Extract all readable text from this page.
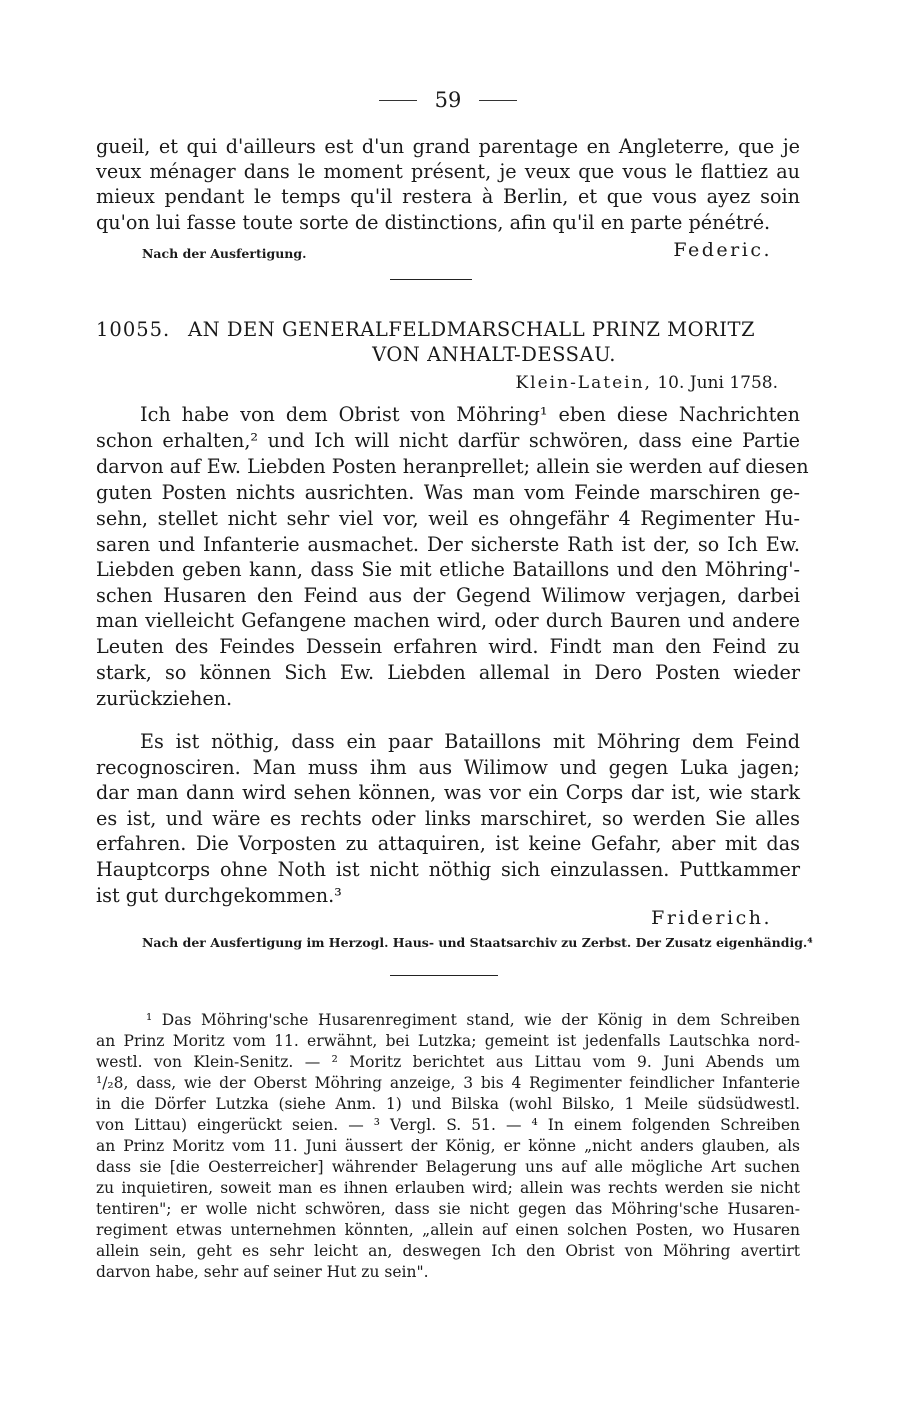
59
gueil, et qui d'ailleurs est d'un grand parentage en Angleterre, que je
veux ménager dans le moment présent, je veux que vous le flattiez au
mieux pendant le temps qu'il restera à Berlin, et que vous ayez soin
qu'on lui fasse toute sorte de distinctions, afin qu'il en parte pénétré.
Nach der Ausfertigung.	Federic.
10055. AN DEN GENERALFELDMARSCHALL PRINZ MORITZ
VON ANHALT-DESSAU.
Klein-Latein, 10. Juni 1758.
Ich habe von dem Obrist von Möhring¹ eben diese Nachrichten
schon erhalten,² und Ich will nicht darfür schwören, dass eine Partie
darvon auf Ew. Liebden Posten heranprellet; allein sie werden auf diesen
guten Posten nichts ausrichten. Was man vom Feinde marschiren ge-
sehn, stellet nicht sehr viel vor, weil es ohngefähr 4 Regimenter Hu-
saren und Infanterie ausmachet. Der sicherste Rath ist der, so Ich Ew.
Liebden geben kann, dass Sie mit etliche Bataillons und den Möhring'-
schen Husaren den Feind aus der Gegend Wilimow verjagen, darbei
man vielleicht Gefangene machen wird, oder durch Bauren und andere
Leuten des Feindes Dessein erfahren wird. Findt man den Feind zu
stark, so können Sich Ew. Liebden allemal in Dero Posten wieder
zurückziehen.
Es ist nöthig, dass ein paar Bataillons mit Möhring dem Feind
recognosciren. Man muss ihm aus Wilimow und gegen Luka jagen;
dar man dann wird sehen können, was vor ein Corps dar ist, wie stark
es ist, und wäre es rechts oder links marschiret, so werden Sie alles
erfahren. Die Vorposten zu attaquiren, ist keine Gefahr, aber mit das
Hauptcorps ohne Noth ist nicht nöthig sich einzulassen. Puttkammer
ist gut durchgekommen.³
Friderich.
Nach der Ausfertigung im Herzogl. Haus- und Staatsarchiv zu Zerbst. Der Zusatz eigenhändig.⁴
¹ Das Möhring'sche Husarenregiment stand, wie der König in dem Schreiben
an Prinz Moritz vom 11. erwähnt, bei Lutzka; gemeint ist jedenfalls Lautschka nord-
westl. von Klein-Senitz. — ² Moritz berichtet aus Littau vom 9. Juni Abends um
¹/₂8, dass, wie der Oberst Möhring anzeige, 3 bis 4 Regimenter feindlicher Infanterie
in die Dörfer Lutzka (siehe Anm. 1) und Bilska (wohl Bilsko, 1 Meile südsüdwestl.
von Littau) eingerückt seien. — ³ Vergl. S. 51. — ⁴ In einem folgenden Schreiben
an Prinz Moritz vom 11. Juni äussert der König, er könne „nicht anders glauben, als
dass sie [die Oesterreicher] währender Belagerung uns auf alle mögliche Art suchen
zu inquietiren, soweit man es ihnen erlauben wird; allein was rechts werden sie nicht
tentiren"; er wolle nicht schwören, dass sie nicht gegen das Möhring'sche Husaren-
regiment etwas unternehmen könnten, „allein auf einen solchen Posten, wo Husaren
allein sein, geht es sehr leicht an, deswegen Ich den Obrist von Möhring avertirt
darvon habe, sehr auf seiner Hut zu sein".
